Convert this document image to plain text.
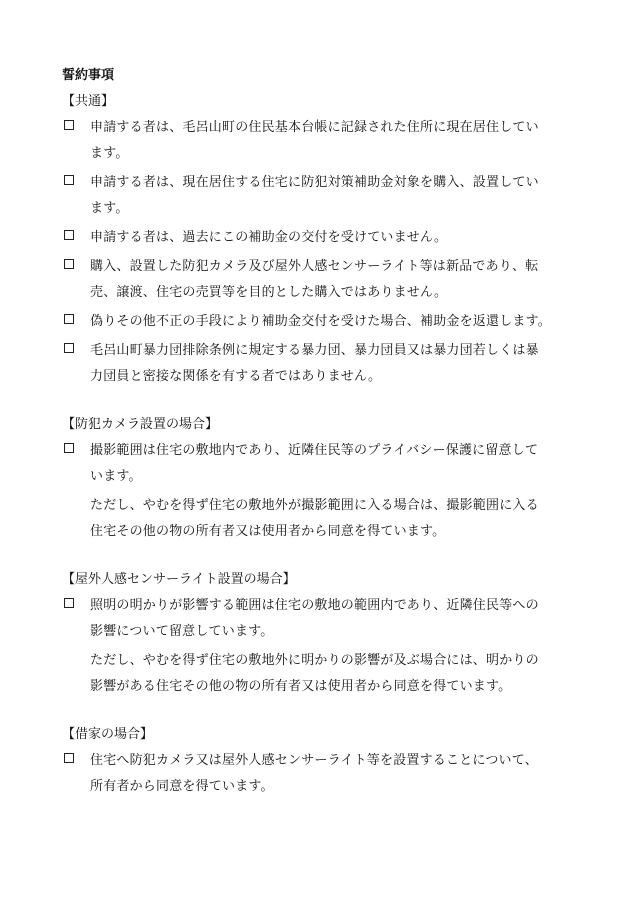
誓約事項
【共通】
申請する者は、毛呂山町の住民基本台帳に記録された住所に現在居住してい
ます。
申請する者は、現在居住する住宅に防犯対策補助金対象を購入、設置してい
ます。
申請する者は、過去にこの補助金の交付を受けていません。
購入、設置した防犯カメラ及び屋外人感センサーライト等は新品であり、転
売、譲渡、住宅の売買等を目的とした購入ではありません。
偽りその他不正の手段により補助金交付を受けた場合、補助金を返還します。
毛呂山町暴力団排除条例に規定する暴力団、暴力団員又は暴力団若しくは暴
力団員と密接な関係を有する者ではありません。
【防犯カメラ設置の場合】
撮影範囲は住宅の敷地内であり、近隣住民等のプライバシー保護に留意して
います。
ただし、やむを得ず住宅の敷地外が撮影範囲に入る場合は、撮影範囲に入る
住宅その他の物の所有者又は使用者から同意を得ています。
【屋外人感センサーライト設置の場合】
照明の明かりが影響する範囲は住宅の敷地の範囲内であり、近隣住民等への
影響について留意しています。
ただし、やむを得ず住宅の敷地外に明かりの影響が及ぶ場合には、明かりの
影響がある住宅その他の物の所有者又は使用者から同意を得ています。
【借家の場合】
住宅へ防犯カメラ又は屋外人感センサーライト等を設置することについて、
所有者から同意を得ています。
